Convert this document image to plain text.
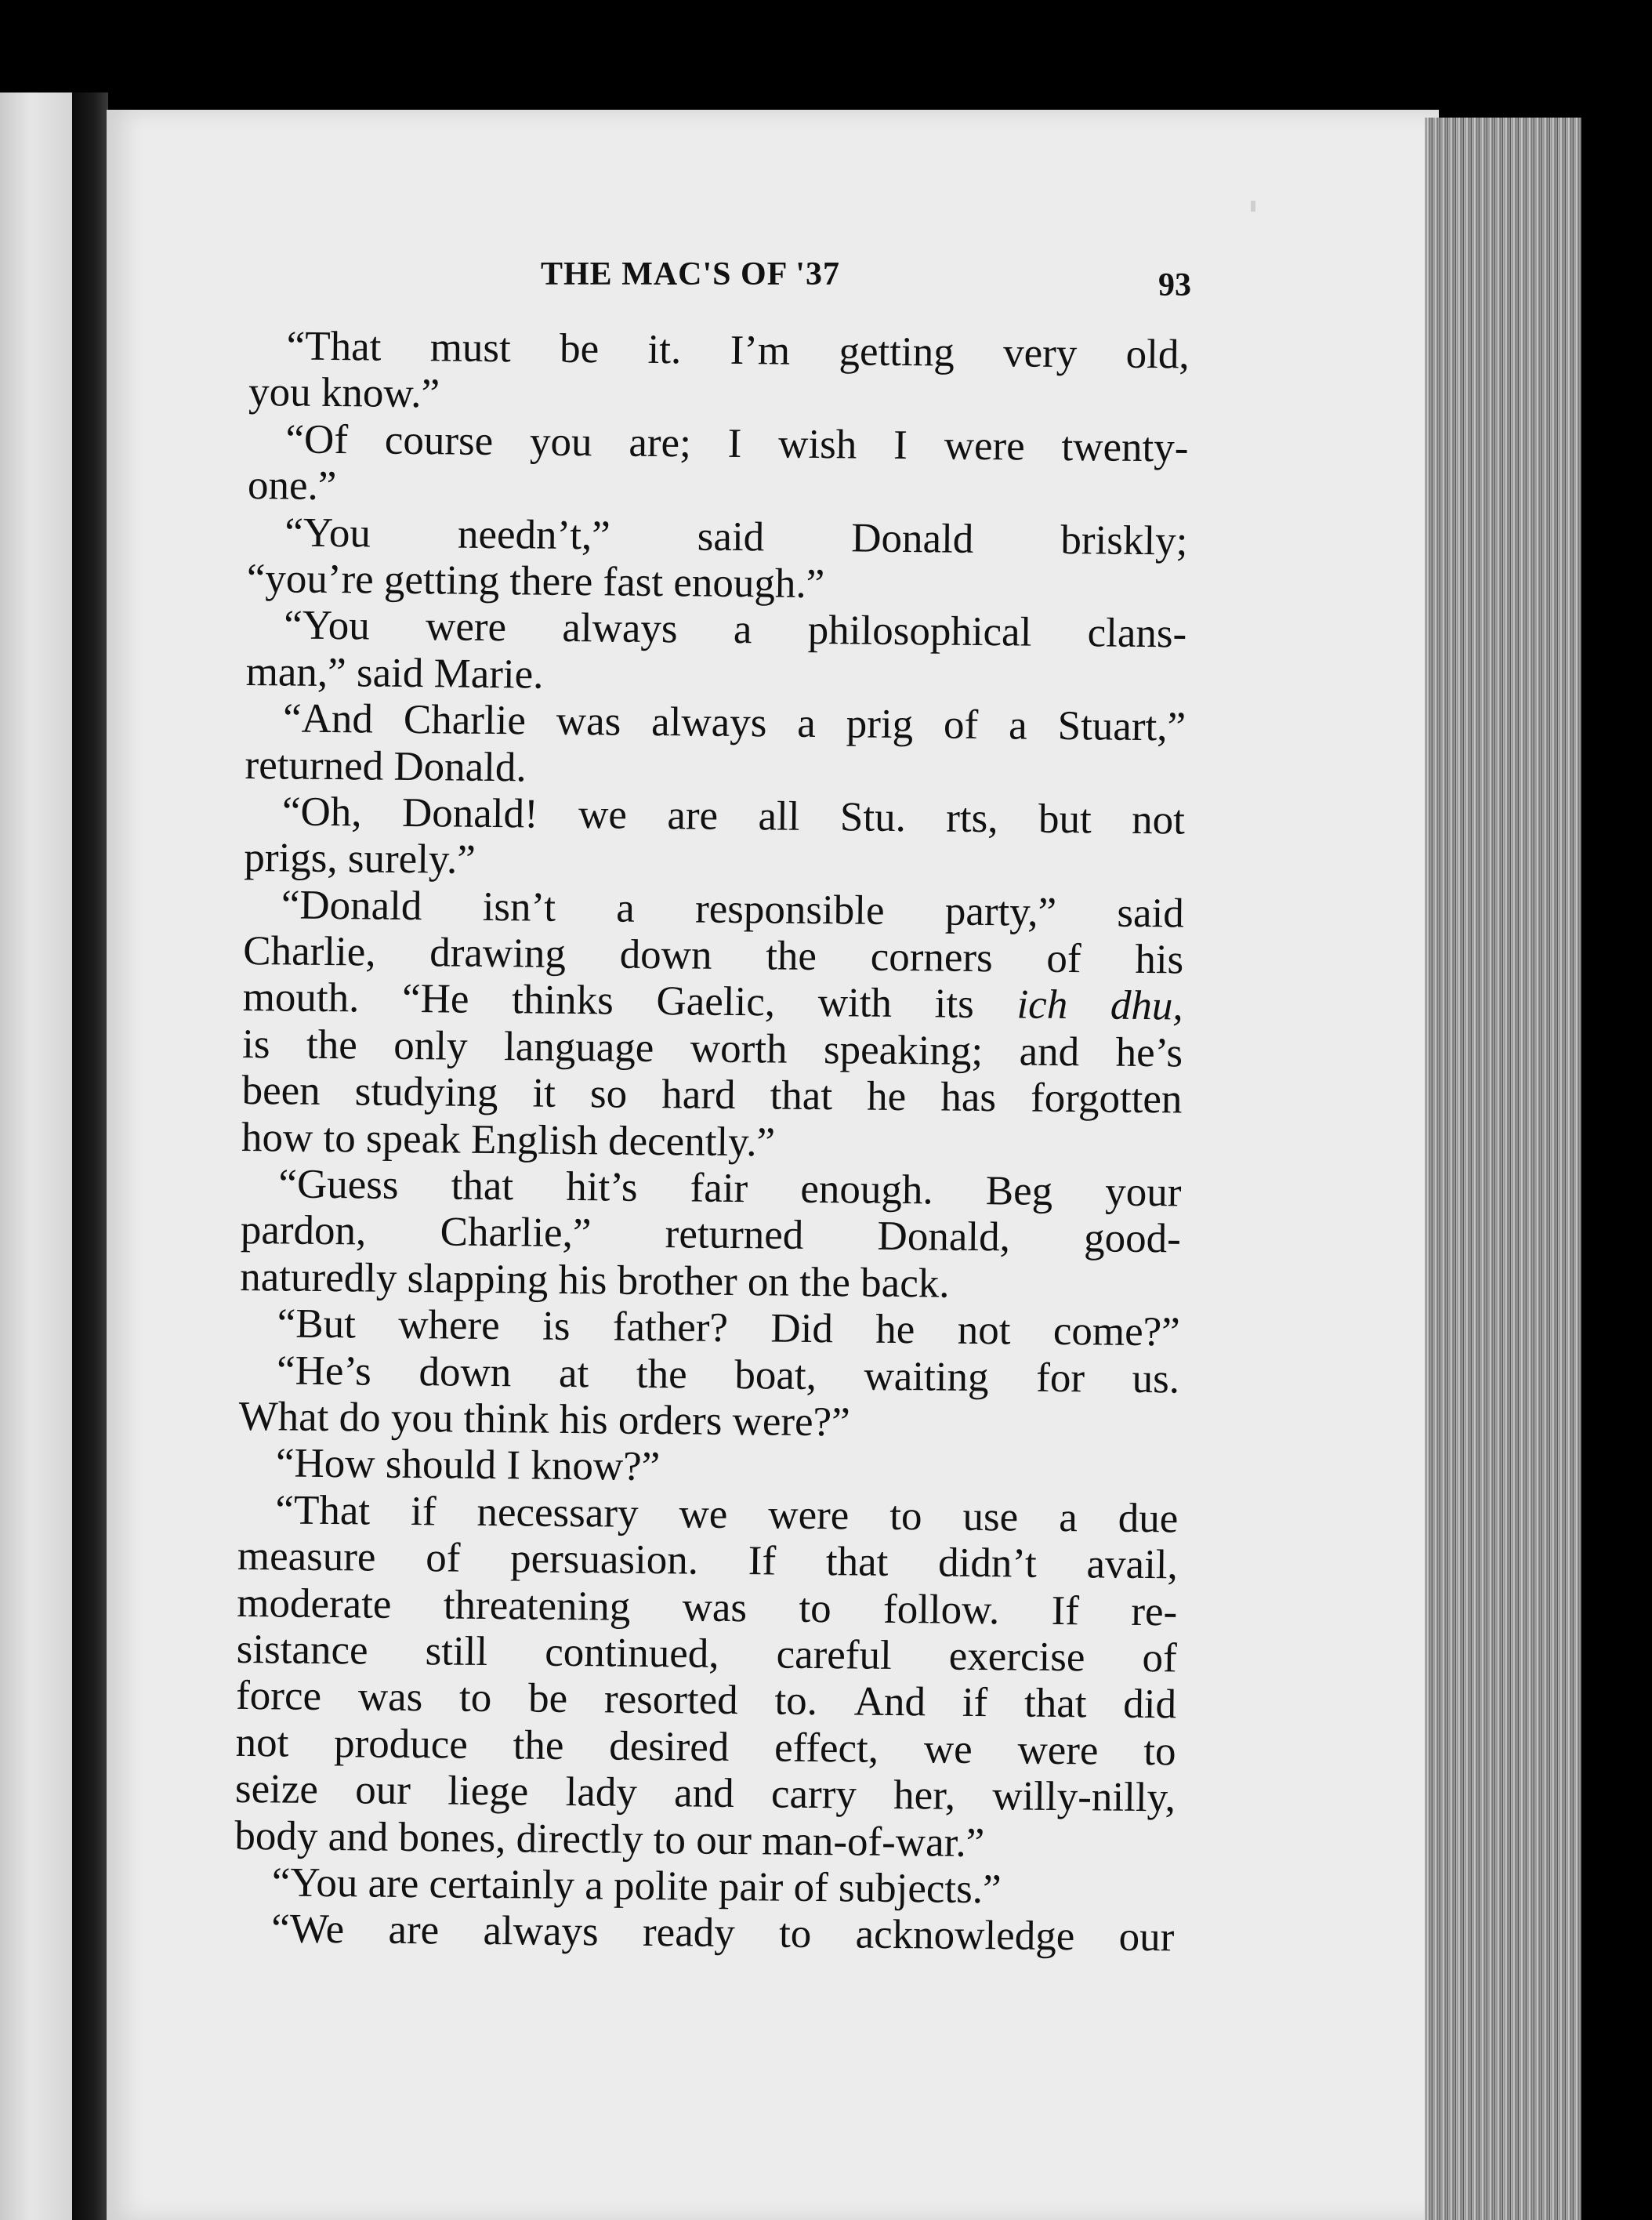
THE MAC'S OF '37	93
“That must be it. I’m getting very old,
you know.”
“Of course you are; I wish I were twenty-
one.”
“You needn’t,” said Donald briskly;
“you’re getting there fast enough.”
“You were always a philosophical clans-
man,” said Marie.
“And Charlie was always a prig of a Stuart,”
returned Donald.
“Oh, Donald! we are all Stu. rts, but not
prigs, surely.”
“Donald isn’t a responsible party,” said
Charlie, drawing down the corners of his
mouth. “He thinks Gaelic, with its ich dhu,
is the only language worth speaking; and he’s
been studying it so hard that he has forgotten
how to speak English decently.”
“Guess that hit’s fair enough. Beg your
pardon, Charlie,” returned Donald, good-
naturedly slapping his brother on the back.
“But where is father? Did he not come?”
“He’s down at the boat, waiting for us.
What do you think his orders were?”
“How should I know?”
“That if necessary we were to use a due
measure of persuasion. If that didn’t avail,
moderate threatening was to follow. If re-
sistance still continued, careful exercise of
force was to be resorted to. And if that did
not produce the desired effect, we were to
seize our liege lady and carry her, willy-nilly,
body and bones, directly to our man-of-war.”
“You are certainly a polite pair of subjects.”
“We are always ready to acknowledge our
